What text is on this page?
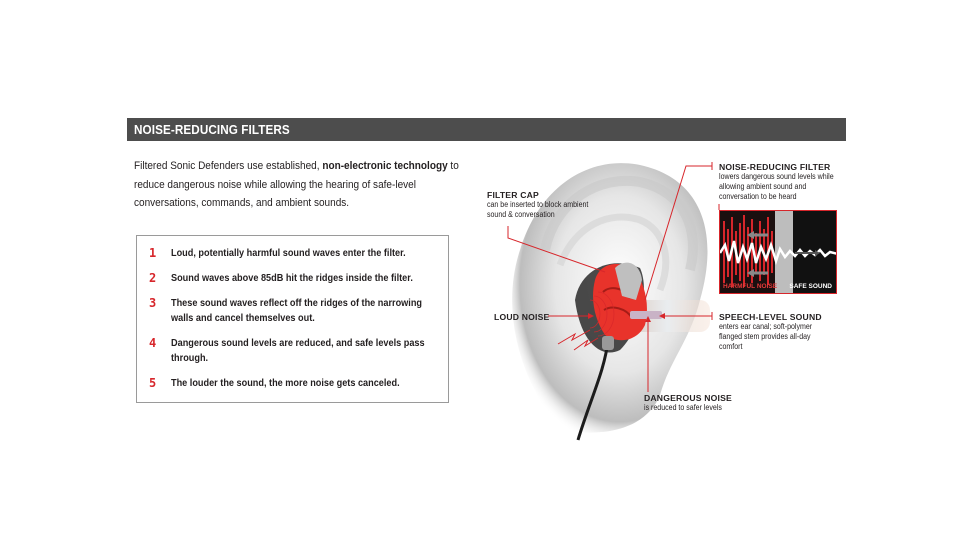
NOISE-REDUCING FILTERS
Filtered Sonic Defenders use established, non-electronic technology to reduce dangerous noise while allowing the hearing of safe-level conversations, commands, and ambient sounds.
1	Loud, potentially harmful sound waves enter the filter.
2	Sound waves above 85dB hit the ridges inside the filter.
3	These sound waves reflect off the ridges of the narrowing walls and cancel themselves out.
4	Dangerous sound levels are reduced, and safe levels pass through.
5	The louder the sound, the more noise gets canceled.
HARMFUL NOISE SAFE SOUND
FILTER CAP
can be inserted to block ambient sound & conversation
NOISE-REDUCING FILTER
lowers dangerous sound levels while allowing ambient sound and conversation to be heard
LOUD NOISE	SPEECH-LEVEL SOUND
enters ear canal; soft-polymer flanged stem provides all-day comfort
DANGEROUS NOISE
is reduced to safer levels
